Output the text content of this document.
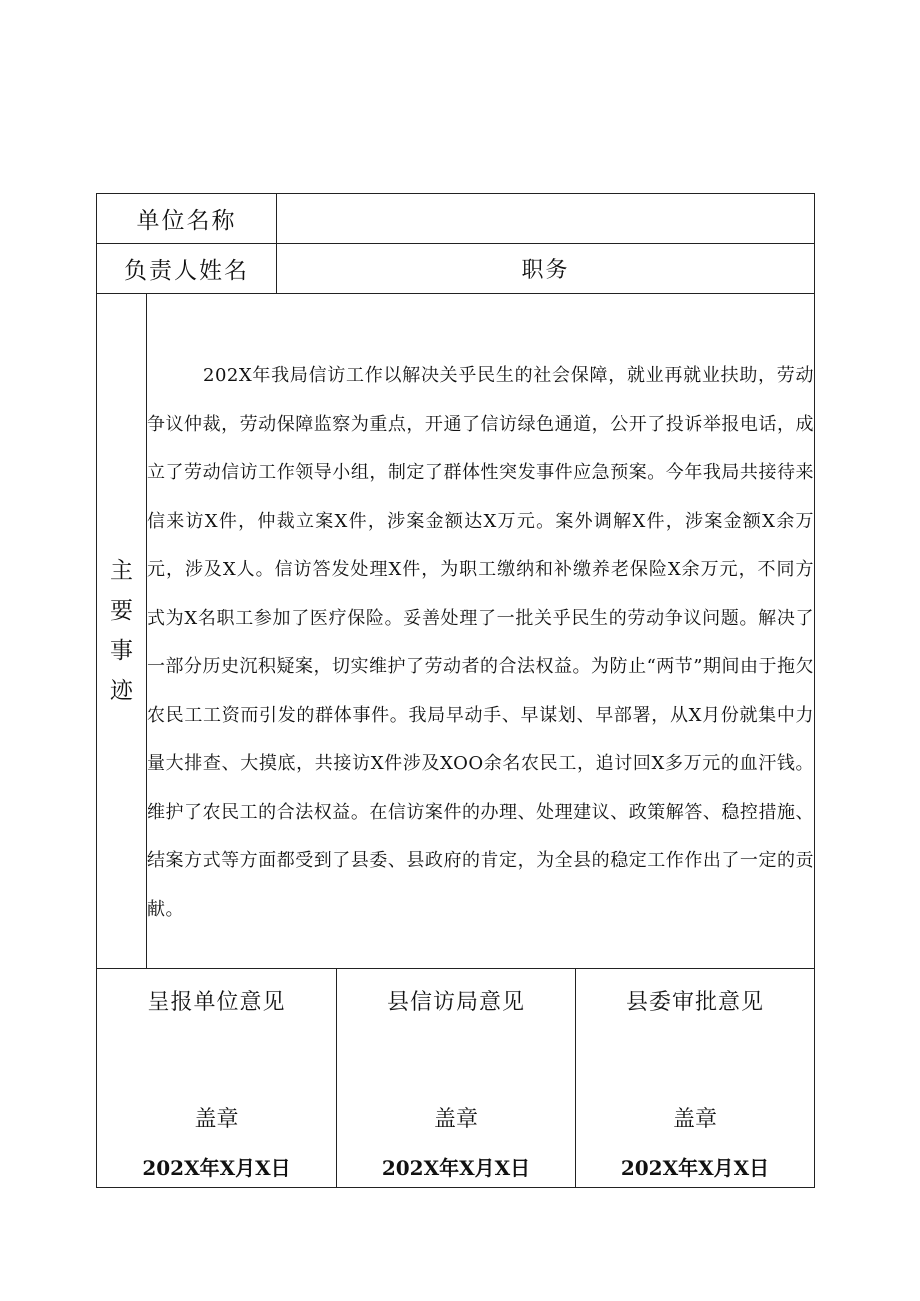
单位名称
负责人姓名	职务
主
要
事
迹

202X年我局信访工作以解决关乎民生的社会保障，就业再就业扶助，劳动争议仲裁，劳动保障监察为重点，开通了信访绿色通道，公开了投诉举报电话，成立了劳动信访工作领导小组，制定了群体性突发事件应急预案。今年我局共接待来信来访X件，仲裁立案X件，涉案金额达X万元。案外调解X件，涉案金额X余万元，涉及X人。信访答发处理X件，为职工缴纳和补缴养老保险X余万元，不同方式为X名职工参加了医疗保险。妥善处理了一批关乎民生的劳动争议问题。解决了一部分历史沉积疑案，切实维护了劳动者的合法权益。为防止“两节”期间由于拖欠农民工工资而引发的群体事件。我局早动手、早谋划、早部署，从X月份就集中力量大排查、大摸底，共接访X件涉及XOO余名农民工，追讨回X多万元的血汗钱。维护了农民工的合法权益。在信访案件的办理、处理建议、政策解答、稳控措施、结案方式等方面都受到了县委、县政府的肯定，为全县的稳定工作作出了一定的贡献。

呈报单位意见
盖章
202X年X月X日
县信访局意见
盖章
202X年X月X日
县委审批意见
盖章
202X年X月X日
